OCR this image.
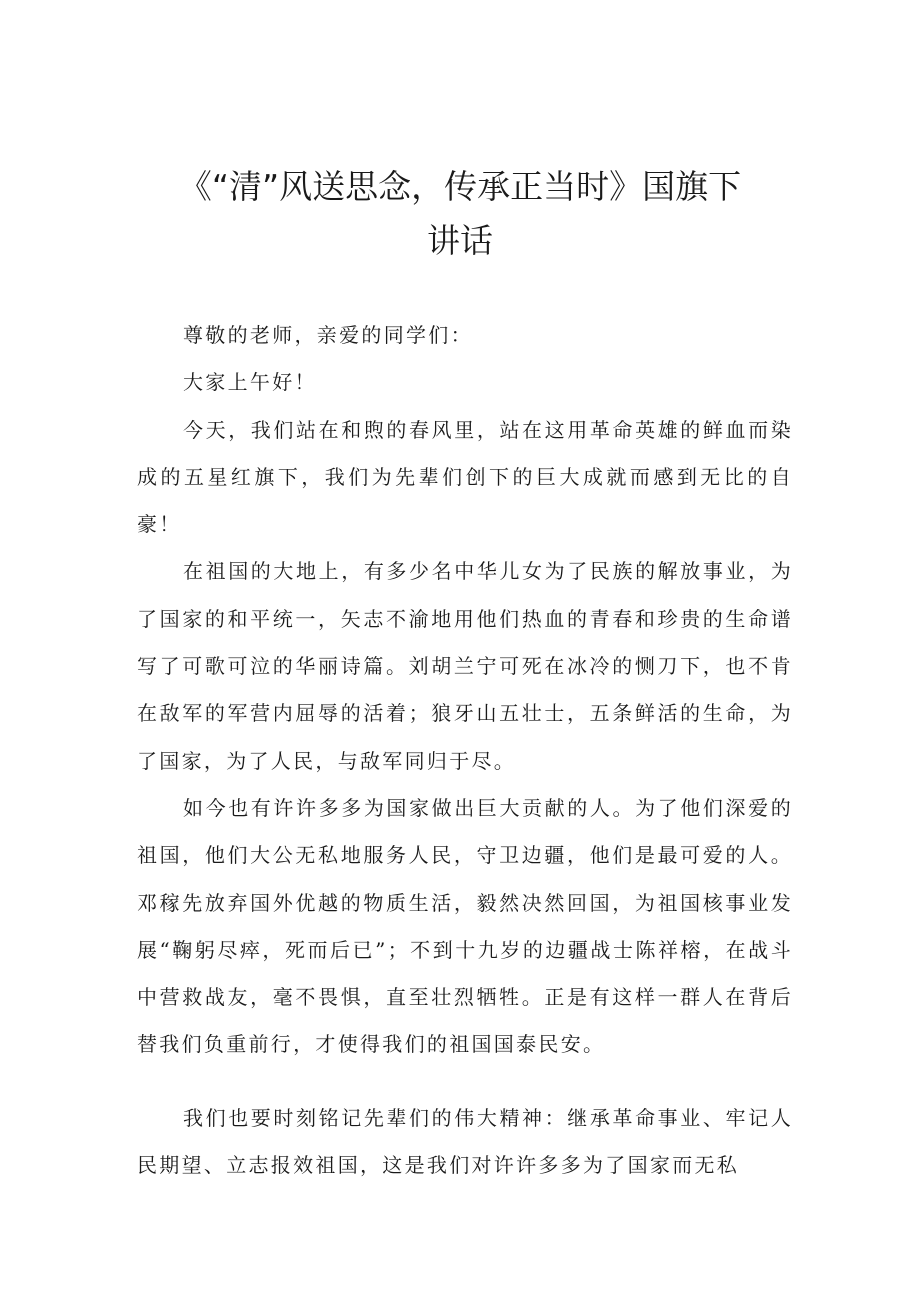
《“清”风送思念，传承正当时》国旗下
讲话

尊敬的老师，亲爱的同学们：

大家上午好！

今天，我们站在和煦的春风里，站在这用革命英雄的鲜血而染成的五星红旗下，我们为先辈们创下的巨大成就而感到无比的自豪！

在祖国的大地上，有多少名中华儿女为了民族的解放事业，为了国家的和平统一，矢志不渝地用他们热血的青春和珍贵的生命谱写了可歌可泣的华丽诗篇。刘胡兰宁可死在冰冷的恻刀下，也不肯在敌军的军营内屈辱的活着；狼牙山五壮士，五条鲜活的生命，为了国家，为了人民，与敌军同归于尽。

如今也有许许多多为国家做出巨大贡献的人。为了他们深爱的祖国，他们大公无私地服务人民，守卫边疆，他们是最可爱的人。邓稼先放弃国外优越的物质生活，毅然决然回国，为祖国核事业发展“鞠躬尽瘁，死而后已”；不到十九岁的边疆战士陈祥榕，在战斗中营救战友，毫不畏惧，直至壮烈牺牲。正是有这样一群人在背后替我们负重前行，才使得我们的祖国国泰民安。

我们也要时刻铭记先辈们的伟大精神：继承革命事业、牢记人民期望、立志报效祖国，这是我们对许许多多为了国家而无私
